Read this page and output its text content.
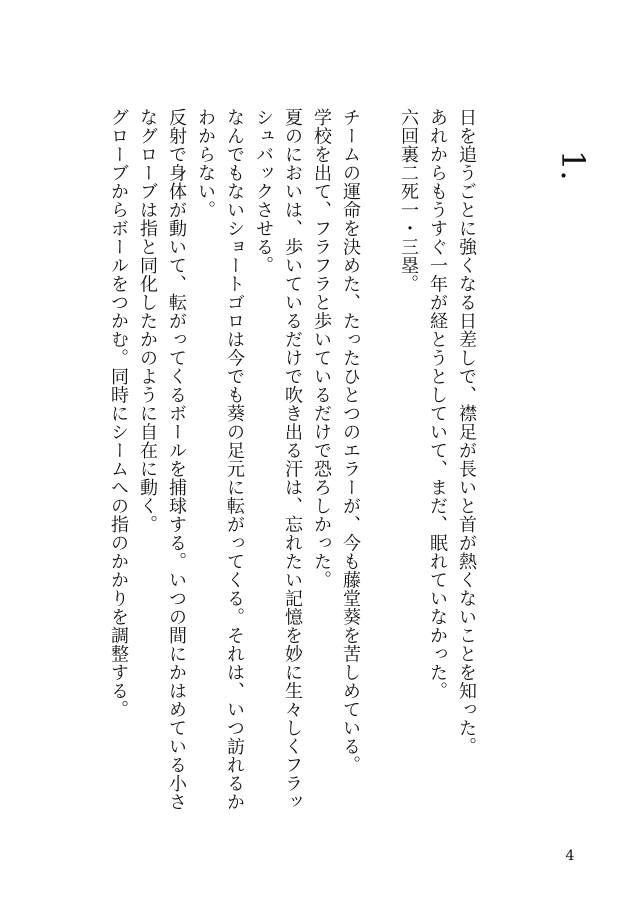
1.

日を追うごとに強くなる日差しで、襟足が長いと首が熱くないことを知った。

あれからもうすぐ一年が経とうとしていて、まだ、眠れていなかった。

六回裏二死一・三塁。

チームの運命を決めた、たったひとつのエラーが、今も藤堂葵を苦しめている。

学校を出て、フラフラと歩いているだけで恐ろしかった。

夏のにおいは、歩いているだけで吹き出る汗は、忘れたい記憶を妙に生々しくフラッシュバックさせる。

なんでもないショートゴロは今でも葵の足元に転がってくる。それは、いつ訪れるかわからない。

反射で身体が動いて、転がってくるボールを捕球する。いつの間にかはめている小さなグローブは指と同化したかのように自在に動く。

グローブからボールをつかむ。同時にシームへの指のかかりを調整する。

4
